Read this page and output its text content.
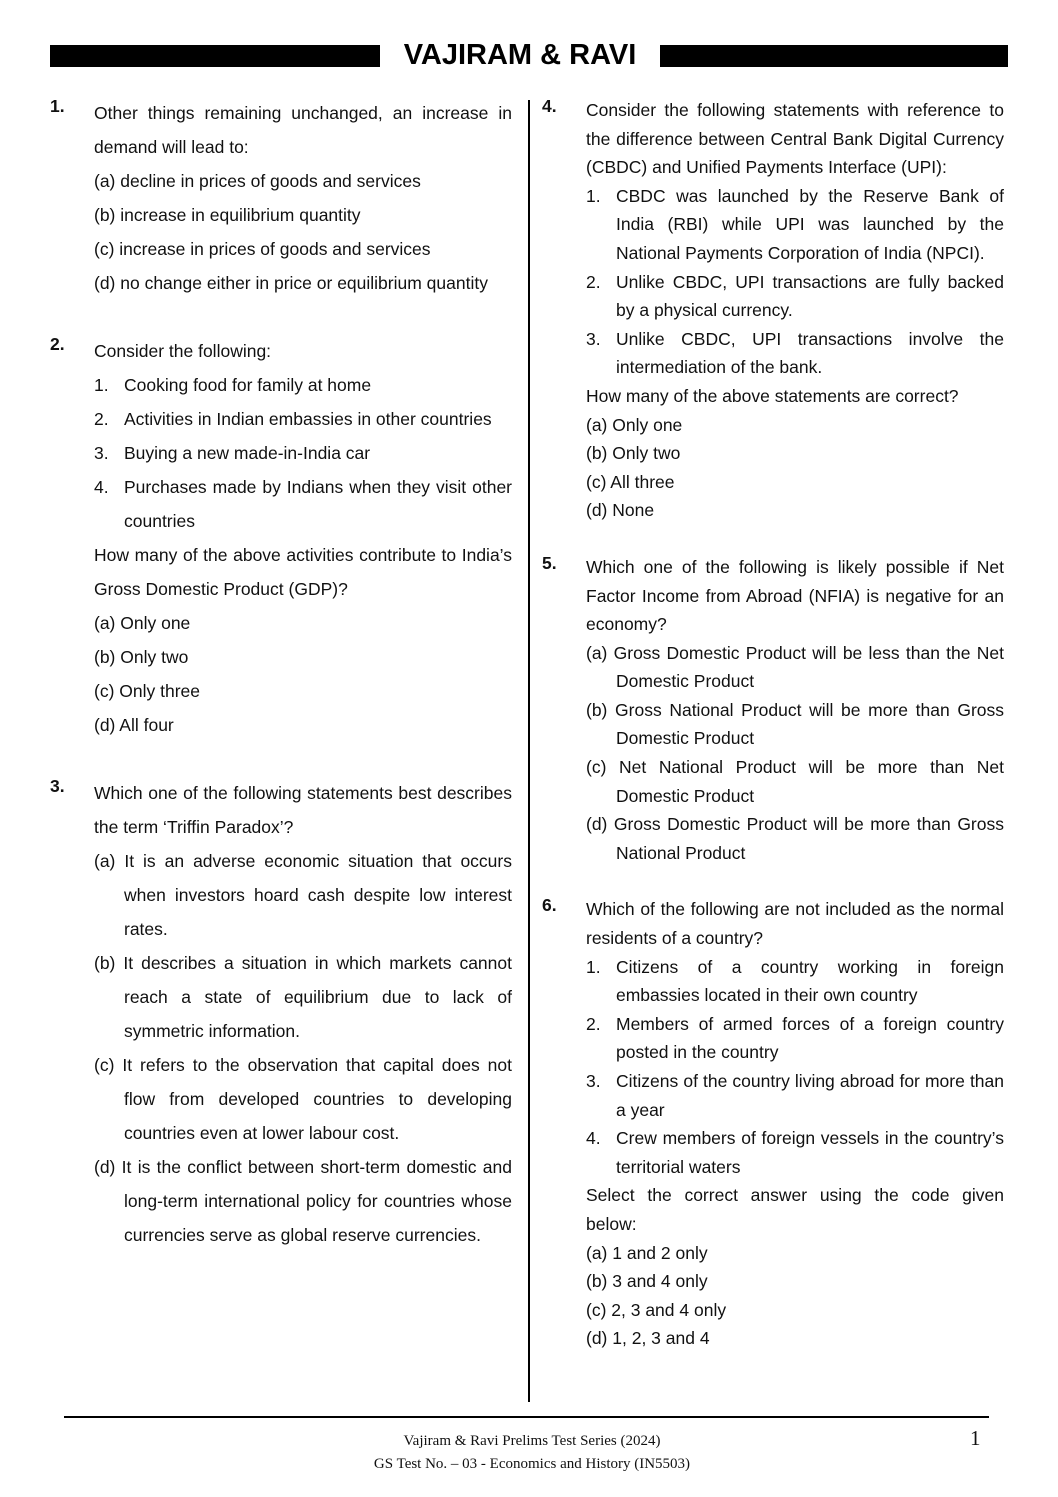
VAJIRAM & RAVI
1. Other things remaining unchanged, an increase in demand will lead to:
(a) decline in prices of goods and services
(b) increase in equilibrium quantity
(c) increase in prices of goods and services
(d) no change either in price or equilibrium quantity
2. Consider the following:
1. Cooking food for family at home
2. Activities in Indian embassies in other countries
3. Buying a new made-in-India car
4. Purchases made by Indians when they visit other countries
How many of the above activities contribute to India’s Gross Domestic Product (GDP)?
(a) Only one
(b) Only two
(c) Only three
(d) All four
3. Which one of the following statements best describes the term ‘Triffin Paradox’?
(a) It is an adverse economic situation that occurs when investors hoard cash despite low interest rates.
(b) It describes a situation in which markets cannot reach a state of equilibrium due to lack of symmetric information.
(c) It refers to the observation that capital does not flow from developed countries to developing countries even at lower labour cost.
(d) It is the conflict between short-term domestic and long-term international policy for countries whose currencies serve as global reserve currencies.
4. Consider the following statements with reference to the difference between Central Bank Digital Currency (CBDC) and Unified Payments Interface (UPI):
1. CBDC was launched by the Reserve Bank of India (RBI) while UPI was launched by the National Payments Corporation of India (NPCI).
2. Unlike CBDC, UPI transactions are fully backed by a physical currency.
3. Unlike CBDC, UPI transactions involve the intermediation of the bank.
How many of the above statements are correct?
(a) Only one
(b) Only two
(c) All three
(d) None
5. Which one of the following is likely possible if Net Factor Income from Abroad (NFIA) is negative for an economy?
(a) Gross Domestic Product will be less than the Net Domestic Product
(b) Gross National Product will be more than Gross Domestic Product
(c) Net National Product will be more than Net Domestic Product
(d) Gross Domestic Product will be more than Gross National Product
6. Which of the following are not included as the normal residents of a country?
1. Citizens of a country working in foreign embassies located in their own country
2. Members of armed forces of a foreign country posted in the country
3. Citizens of the country living abroad for more than a year
4. Crew members of foreign vessels in the country’s territorial waters
Select the correct answer using the code given below:
(a) 1 and 2 only
(b) 3 and 4 only
(c) 2, 3 and 4 only
(d) 1, 2, 3 and 4
Vajiram & Ravi Prelims Test Series (2024)
GS Test No. – 03 - Economics and History (IN5503)
1
